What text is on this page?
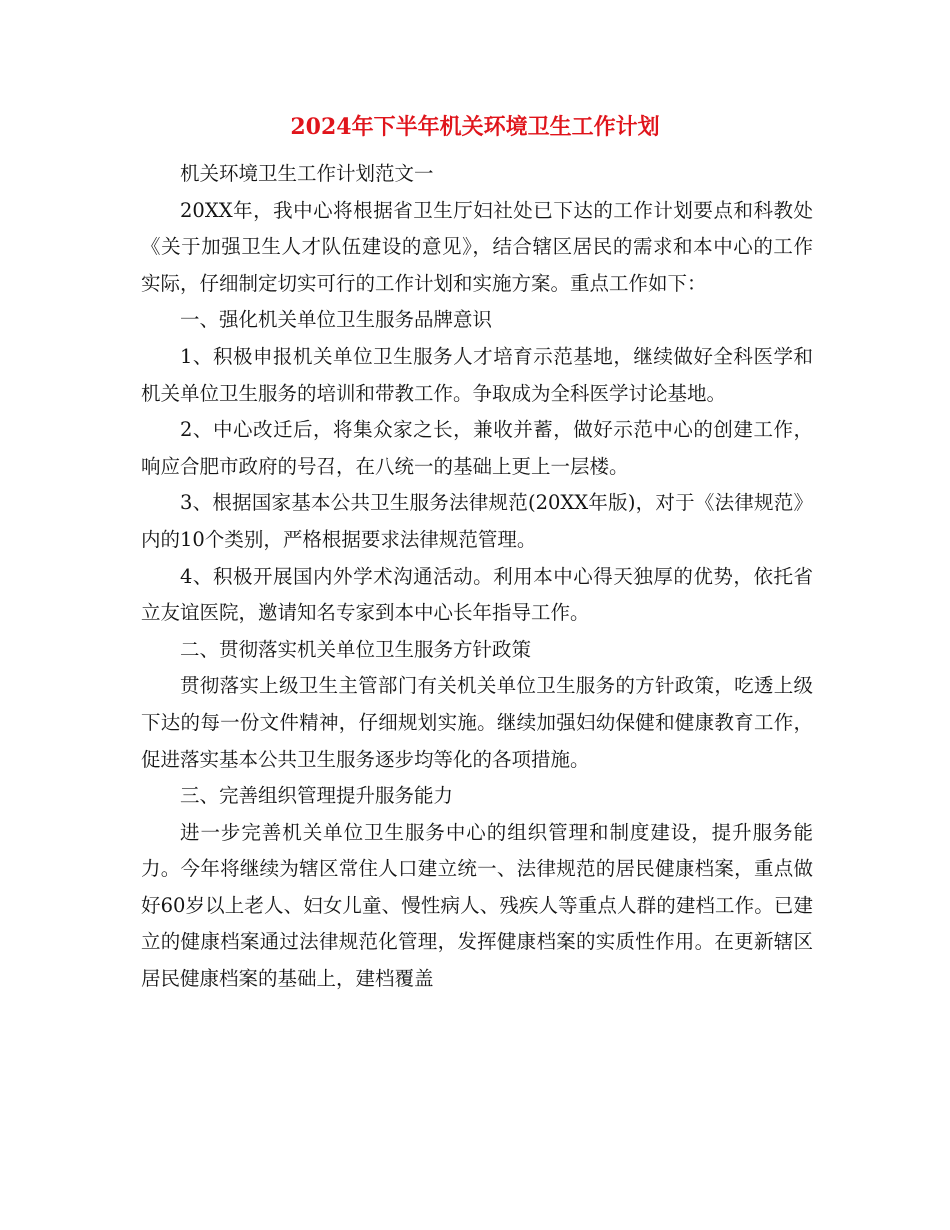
2024年下半年机关环境卫生工作计划

机关环境卫生工作计划范文一

20XX年，我中心将根据省卫生厅妇社处已下达的工作计划要点和科教处《关于加强卫生人才队伍建设的意见》，结合辖区居民的需求和本中心的工作实际，仔细制定切实可行的工作计划和实施方案。重点工作如下：

一、强化机关单位卫生服务品牌意识

1、积极申报机关单位卫生服务人才培育示范基地，继续做好全科医学和机关单位卫生服务的培训和带教工作。争取成为全科医学讨论基地。

2、中心改迁后，将集众家之长，兼收并蓄，做好示范中心的创建工作，响应合肥市政府的号召，在八统一的基础上更上一层楼。

3、根据国家基本公共卫生服务法律规范(20XX年版)，对于《法律规范》内的10个类别，严格根据要求法律规范管理。

4、积极开展国内外学术沟通活动。利用本中心得天独厚的优势，依托省立友谊医院，邀请知名专家到本中心长年指导工作。

二、贯彻落实机关单位卫生服务方针政策

贯彻落实上级卫生主管部门有关机关单位卫生服务的方针政策，吃透上级下达的每一份文件精神，仔细规划实施。继续加强妇幼保健和健康教育工作，促进落实基本公共卫生服务逐步均等化的各项措施。

三、完善组织管理提升服务能力

进一步完善机关单位卫生服务中心的组织管理和制度建设，提升服务能力。今年将继续为辖区常住人口建立统一、法律规范的居民健康档案，重点做好60岁以上老人、妇女儿童、慢性病人、残疾人等重点人群的建档工作。已建立的健康档案通过法律规范化管理，发挥健康档案的实质性作用。在更新辖区居民健康档案的基础上，建档覆盖
